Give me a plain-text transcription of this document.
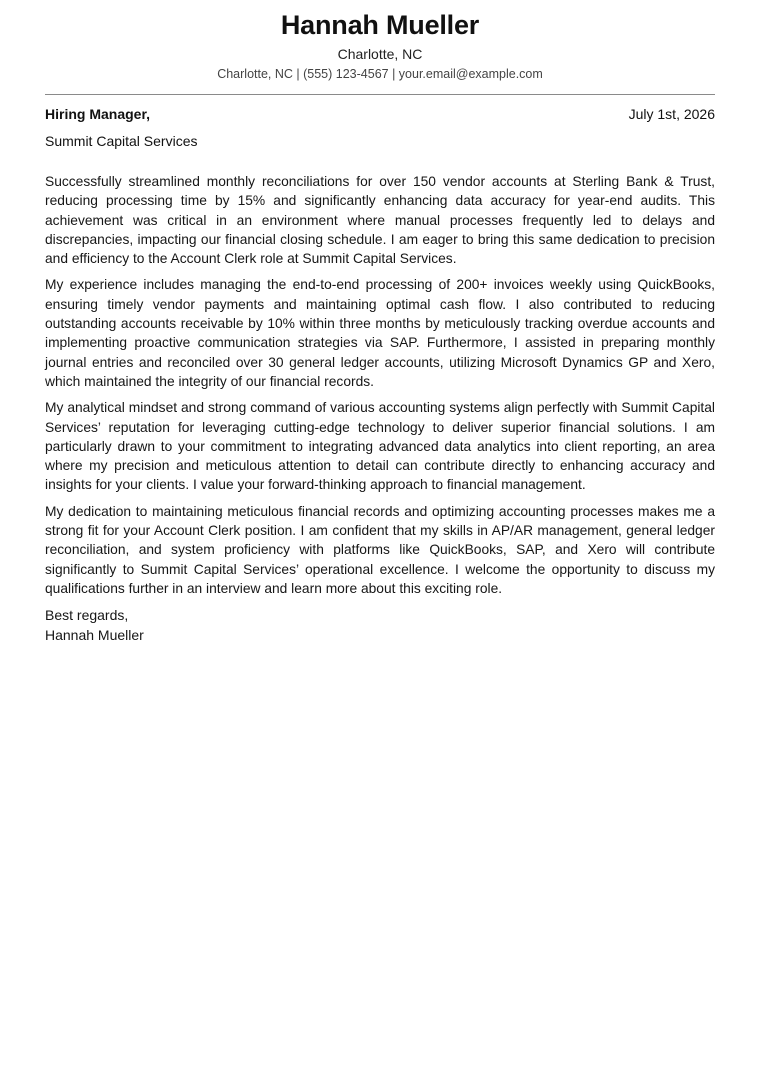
Hannah Mueller
Charlotte, NC
Charlotte, NC | (555) 123-4567 | your.email@example.com
Hiring Manager,	July 1st, 2026
Summit Capital Services

Successfully streamlined monthly reconciliations for over 150 vendor accounts at Sterling Bank & Trust, reducing processing time by 15% and significantly enhancing data accuracy for year-end audits. This achievement was critical in an environment where manual processes frequently led to delays and discrepancies, impacting our financial closing schedule. I am eager to bring this same dedication to precision and efficiency to the Account Clerk role at Summit Capital Services.

My experience includes managing the end-to-end processing of 200+ invoices weekly using QuickBooks, ensuring timely vendor payments and maintaining optimal cash flow. I also contributed to reducing outstanding accounts receivable by 10% within three months by meticulously tracking overdue accounts and implementing proactive communication strategies via SAP. Furthermore, I assisted in preparing monthly journal entries and reconciled over 30 general ledger accounts, utilizing Microsoft Dynamics GP and Xero, which maintained the integrity of our financial records.

My analytical mindset and strong command of various accounting systems align perfectly with Summit Capital Services’ reputation for leveraging cutting-edge technology to deliver superior financial solutions. I am particularly drawn to your commitment to integrating advanced data analytics into client reporting, an area where my precision and meticulous attention to detail can contribute directly to enhancing accuracy and insights for your clients. I value your forward-thinking approach to financial management.

My dedication to maintaining meticulous financial records and optimizing accounting processes makes me a strong fit for your Account Clerk position. I am confident that my skills in AP/AR management, general ledger reconciliation, and system proficiency with platforms like QuickBooks, SAP, and Xero will contribute significantly to Summit Capital Services’ operational excellence. I welcome the opportunity to discuss my qualifications further in an interview and learn more about this exciting role.

Best regards,
Hannah Mueller
